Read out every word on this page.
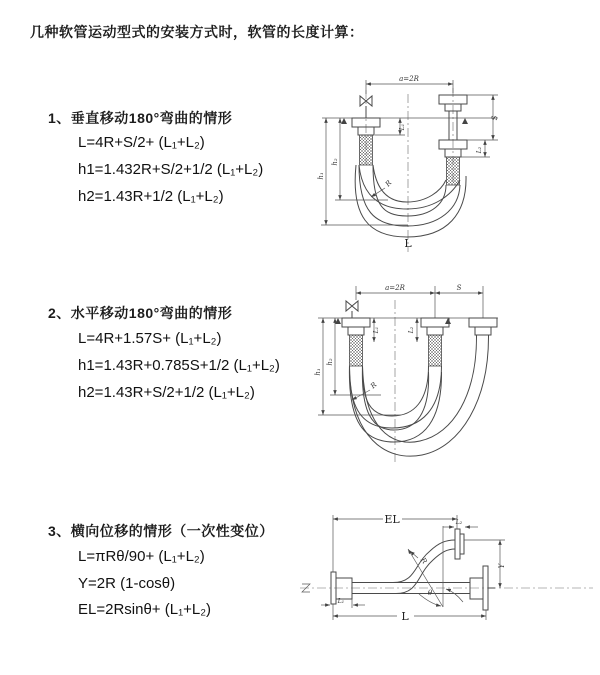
几种软管运动型式的安装方式时，软管的长度计算：
1、垂直移动180°弯曲的情形
L=4R+S/2+ (L₁+L₂)
h1=1.432R+S/2+1/2 (L₁+L₂)
h2=1.43R+1/2 (L₁+L₂)
2、水平移动180°弯曲的情形
L=4R+1.57S+ (L₁+L₂)
h1=1.43R+0.785S+1/2 (L₁+L₂)
h2=1.43R+S/2+1/2 (L₁+L₂)
3、横向位移的情形（一次性变位）
L=πRθ/90+ (L₁+L₂)
Y=2R (1-cosθ)
EL=2Rsinθ+ (L₁+L₂)
a=2R
h₁
h₂
L₁
S
L₂
R
L
a=2R	S
h₁
h₂
L₁	L₂
R
EL	L₂
Y
θ
R
L₁
L
